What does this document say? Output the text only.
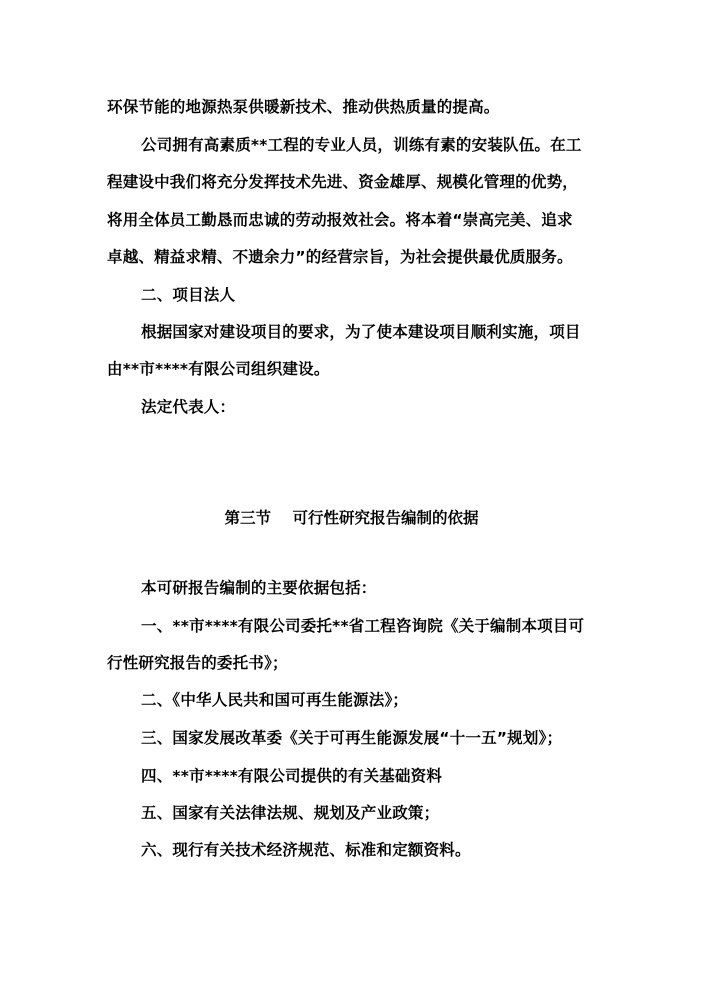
环保节能的地源热泵供暖新技术、推动供热质量的提高。
公司拥有高素质**工程的专业人员，训练有素的安装队伍。在工
程建设中我们将充分发挥技术先进、资金雄厚、规模化管理的优势，
将用全体员工勤恳而忠诚的劳动报效社会。将本着“崇高完美、追求
卓越、精益求精、不遗余力”的经营宗旨，为社会提供最优质服务。
二、项目法人
根据国家对建设项目的要求，为了使本建设项目顺利实施，项目
由**市****有限公司组织建设。
法定代表人：
第三节    可行性研究报告编制的依据
本可研报告编制的主要依据包括：
一、**市****有限公司委托**省工程咨询院《关于编制本项目可
行性研究报告的委托书》；
二、《中华人民共和国可再生能源法》；
三、国家发展改革委《关于可再生能源发展“十一五”规划》；
四、**市****有限公司提供的有关基础资料
五、国家有关法律法规、规划及产业政策；
六、现行有关技术经济规范、标准和定额资料。
